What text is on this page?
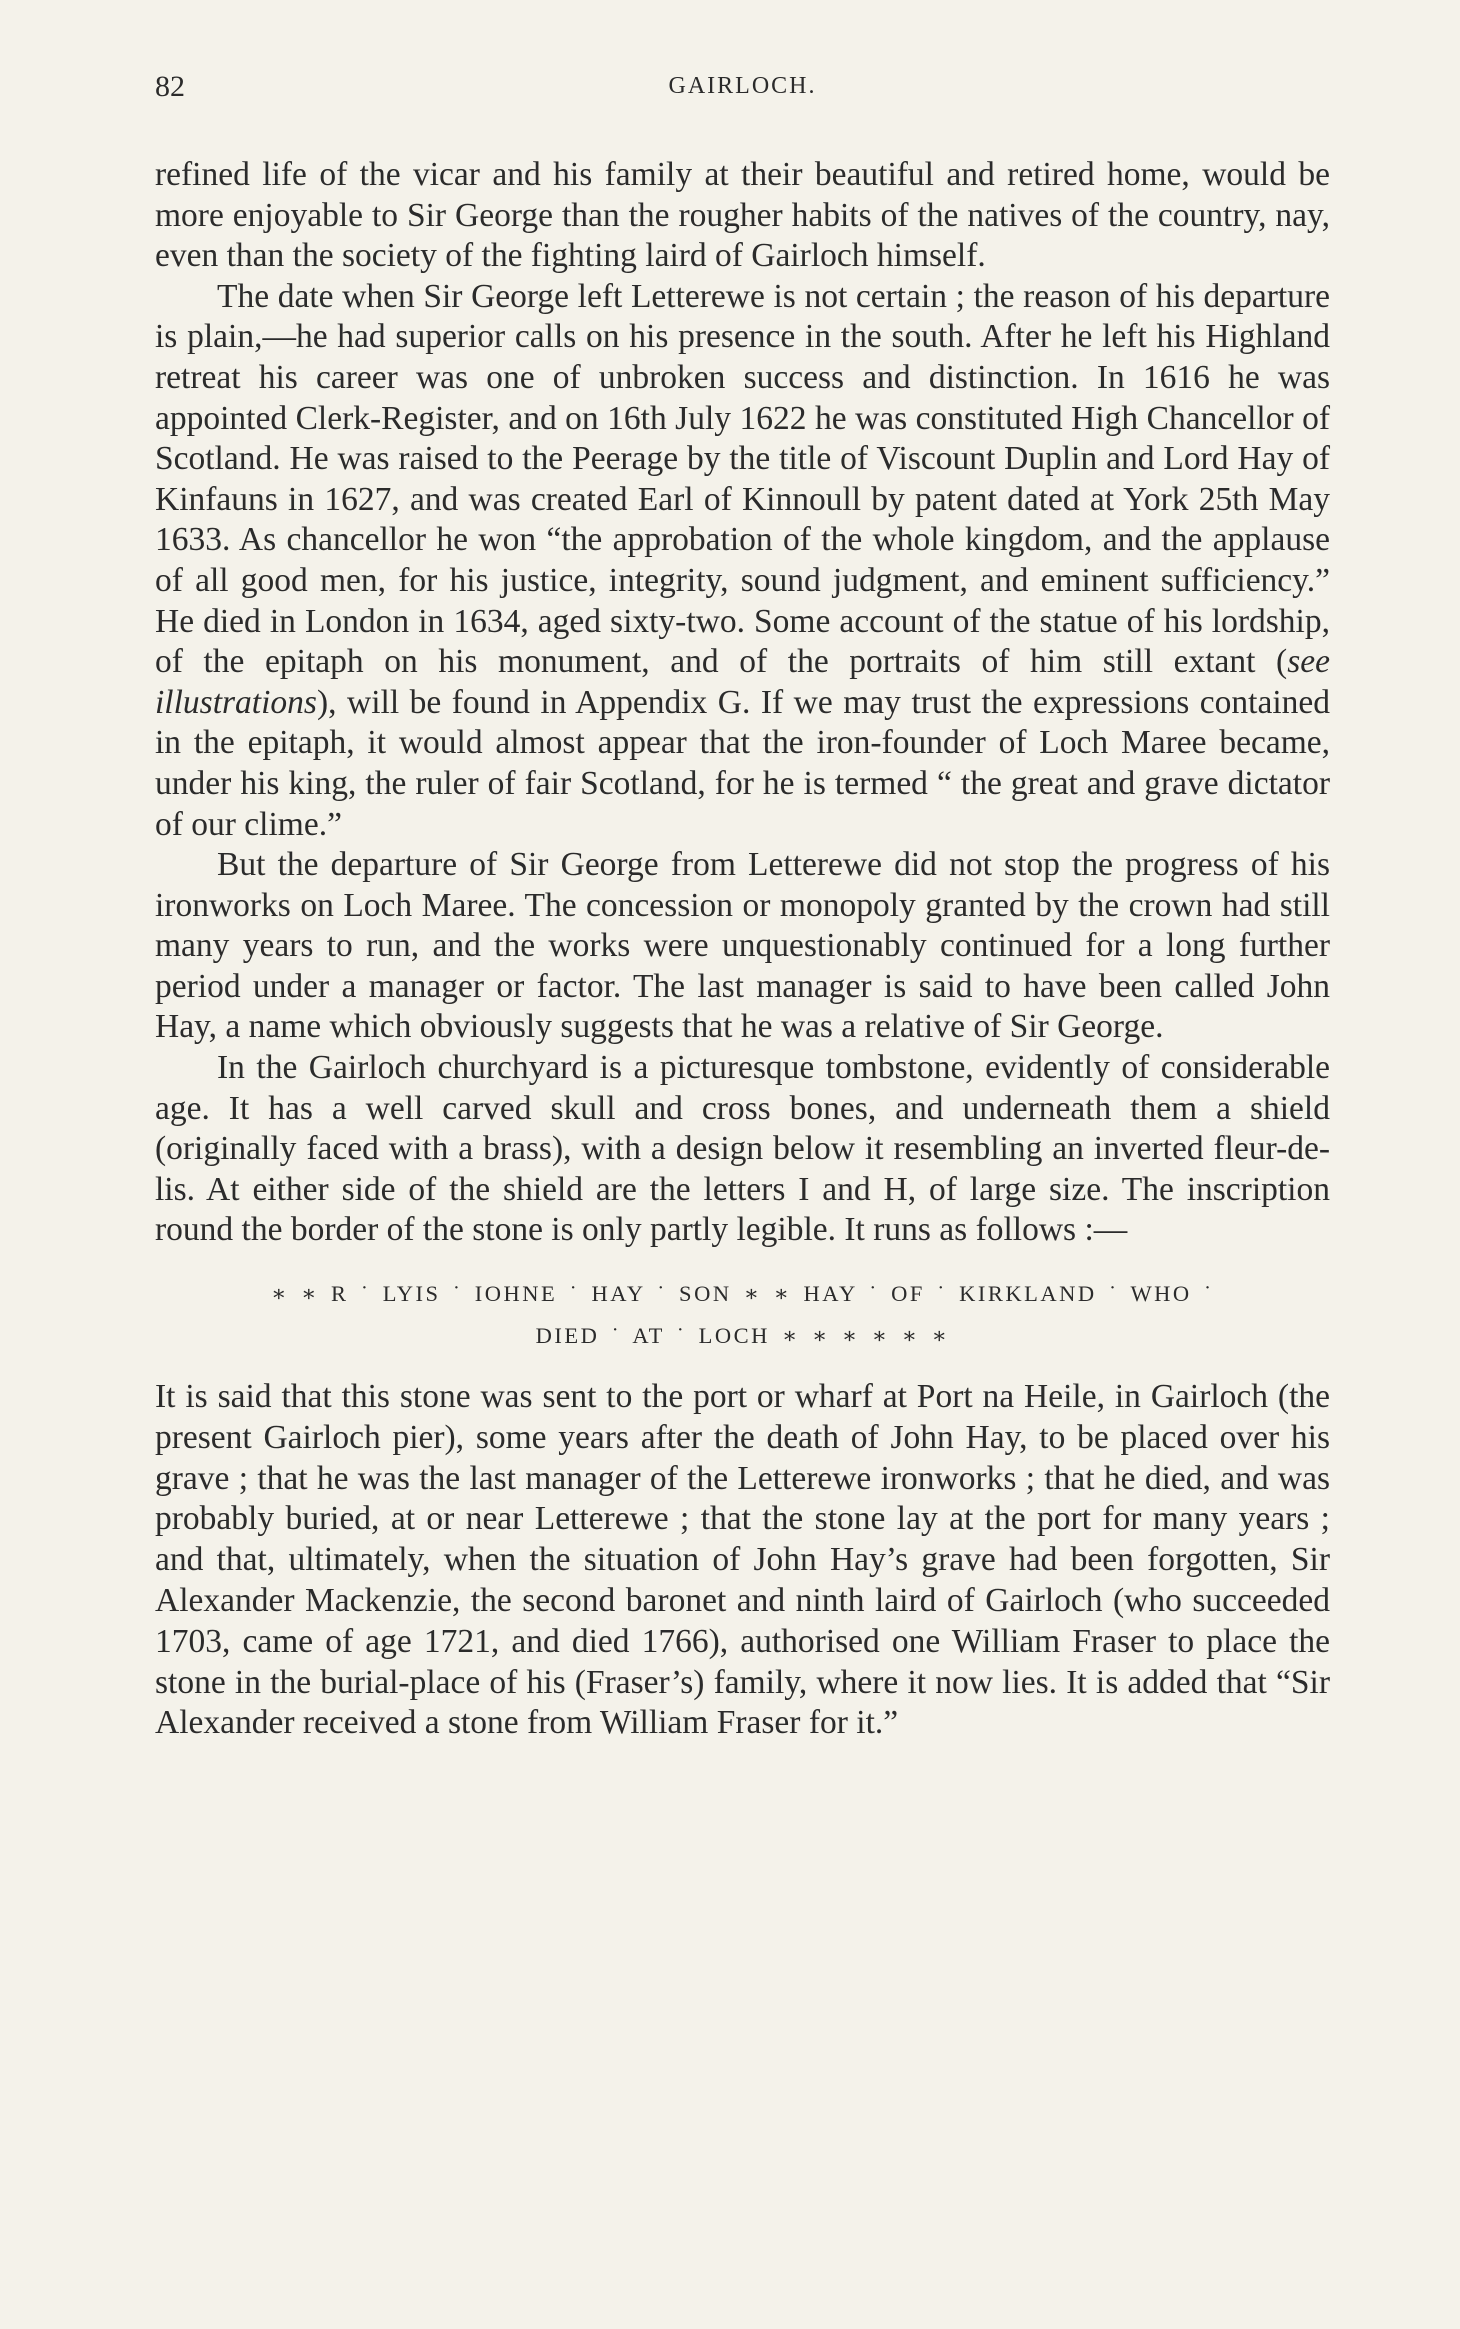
82	GAIRLOCH.

refined life of the vicar and his family at their beautiful and retired home, would be more enjoyable to Sir George than the rougher habits of the natives of the country, nay, even than the society of the fighting laird of Gairloch himself.

The date when Sir George left Letterewe is not certain ; the reason of his departure is plain,—he had superior calls on his presence in the south. After he left his Highland retreat his career was one of unbroken success and distinction. In 1616 he was appointed Clerk-Register, and on 16th July 1622 he was constituted High Chancellor of Scotland. He was raised to the Peerage by the title of Viscount Duplin and Lord Hay of Kinfauns in 1627, and was created Earl of Kinnoull by patent dated at York 25th May 1633. As chancellor he won “the approbation of the whole kingdom, and the applause of all good men, for his justice, integrity, sound judgment, and eminent sufficiency.” He died in London in 1634, aged sixty-two. Some account of the statue of his lordship, of the epitaph on his monument, and of the portraits of him still extant (see illustrations), will be found in Appendix G. If we may trust the expressions contained in the epitaph, it would almost appear that the iron-founder of Loch Maree became, under his king, the ruler of fair Scotland, for he is termed “ the great and grave dictator of our clime.”

But the departure of Sir George from Letterewe did not stop the progress of his ironworks on Loch Maree. The concession or monopoly granted by the crown had still many years to run, and the works were unquestionably continued for a long further period under a manager or factor. The last manager is said to have been called John Hay, a name which obviously suggests that he was a relative of Sir George.

In the Gairloch churchyard is a picturesque tombstone, evidently of considerable age. It has a well carved skull and cross bones, and underneath them a shield (originally faced with a brass), with a design below it resembling an inverted fleur-de-lis. At either side of the shield are the letters I and H, of large size. The inscription round the border of the stone is only partly legible. It runs as follows :—

∗ ∗ R ˙ LYIS ˙ IOHNE ˙ HAY ˙ SON ∗ ∗ HAY ˙ OF ˙ KIRKLAND ˙ WHO ˙
DIED ˙ AT ˙ LOCH ∗ ∗ ∗ ∗ ∗ ∗

It is said that this stone was sent to the port or wharf at Port na Heile, in Gairloch (the present Gairloch pier), some years after the death of John Hay, to be placed over his grave ; that he was the last manager of the Letterewe ironworks ; that he died, and was probably buried, at or near Letterewe ; that the stone lay at the port for many years ; and that, ultimately, when the situation of John Hay’s grave had been forgotten, Sir Alexander Mackenzie, the second baronet and ninth laird of Gairloch (who succeeded 1703, came of age 1721, and died 1766), authorised one William Fraser to place the stone in the burial-place of his (Fraser’s) family, where it now lies. It is added that “Sir Alexander received a stone from William Fraser for it.”
